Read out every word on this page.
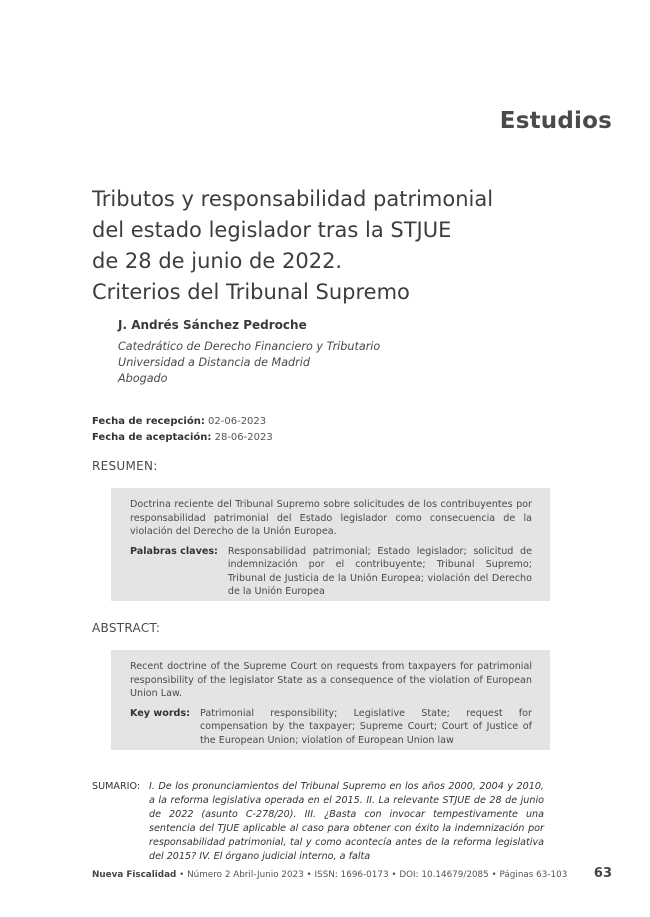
Estudios
Tributos y responsabilidad patrimonial
del estado legislador tras la STJUE
de 28 de junio de 2022.
Criterios del Tribunal Supremo
J. Andrés Sánchez Pedroche
Catedrático de Derecho Financiero y Tributario
Universidad a Distancia de Madrid
Abogado
Fecha de recepción: 02-06-2023
Fecha de aceptación: 28-06-2023
RESUMEN:

Doctrina reciente del Tribunal Supremo sobre solicitudes de los contribuyentes por responsabilidad patrimonial del Estado legislador como consecuencia de la violación del Derecho de la Unión Europea.

Palabras claves:	Responsabilidad patrimonial; Estado legislador; solicitud de indemnización por el contribuyente; Tribunal Supremo; Tribunal de Justicia de la Unión Europea; violación del Derecho de la Unión Europea
ABSTRACT:

Recent doctrine of the Supreme Court on requests from taxpayers for patrimonial responsibility of the legislator State as a consequence of the violation of European Union Law.

Key words:	Patrimonial responsibility; Legislative State; request for compensation by the taxpayer; Supreme Court; Court of Justice of the European Union; violation of European Union law
SUMARIO: I. De los pronunciamientos del Tribunal Supremo en los años 2000, 2004 y 2010, a la reforma legislativa operada en el 2015. II. La relevante STJUE de 28 de junio de 2022 (asunto C-278/20). III. ¿Basta con invocar tempestivamente una sentencia del TJUE aplicable al caso para obtener con éxito la indemnización por responsabilidad patrimonial, tal y como acontecía antes de la reforma legislativa del 2015? IV. El órgano judicial interno, a falta
Nueva Fiscalidad • Número 2 Abril-Junio 2023 • ISSN: 1696-0173 • DOI: 10.14679/2085 • Páginas 63-103 63
